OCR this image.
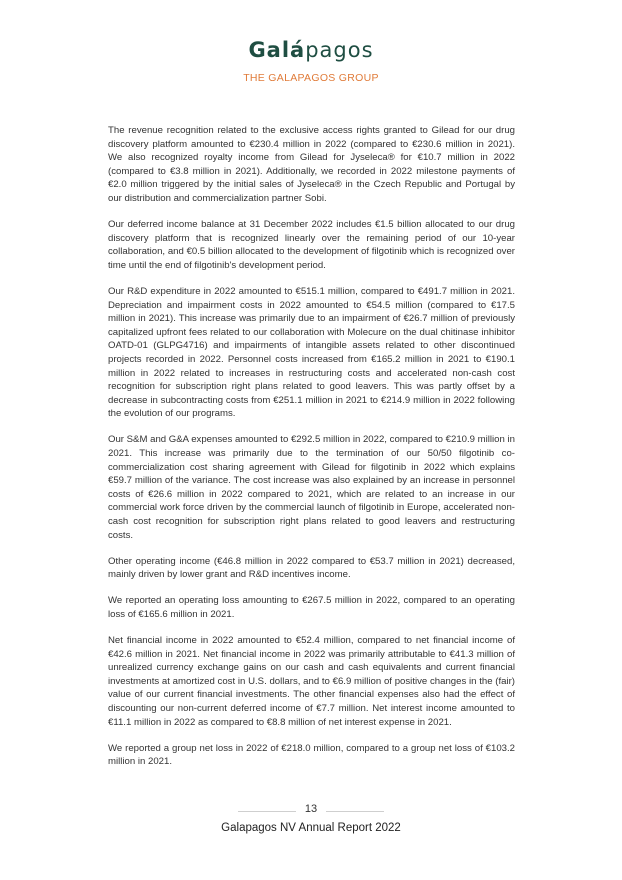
Galápagos
THE GALAPAGOS GROUP

The revenue recognition related to the exclusive access rights granted to Gilead for our drug discovery platform amounted to €230.4 million in 2022 (compared to €230.6 million in 2021). We also recognized royalty income from Gilead for Jyseleca® for €10.7 million in 2022 (compared to €3.8 million in 2021). Additionally, we recorded in 2022 milestone payments of €2.0 million triggered by the initial sales of Jyseleca® in the Czech Republic and Portugal by our distribution and commercialization partner Sobi.

Our deferred income balance at 31 December 2022 includes €1.5 billion allocated to our drug discovery platform that is recognized linearly over the remaining period of our 10-year collaboration, and €0.5 billion allocated to the development of filgotinib which is recognized over time until the end of filgotinib's development period.

Our R&D expenditure in 2022 amounted to €515.1 million, compared to €491.7 million in 2021. Depreciation and impairment costs in 2022 amounted to €54.5 million (compared to €17.5 million in 2021). This increase was primarily due to an impairment of €26.7 million of previously capitalized upfront fees related to our collaboration with Molecure on the dual chitinase inhibitor OATD-01 (GLPG4716) and impairments of intangible assets related to other discontinued projects recorded in 2022. Personnel costs increased from €165.2 million in 2021 to €190.1 million in 2022 related to increases in restructuring costs and accelerated non-cash cost recognition for subscription right plans related to good leavers. This was partly offset by a decrease in subcontracting costs from €251.1 million in 2021 to €214.9 million in 2022 following the evolution of our programs.

Our S&M and G&A expenses amounted to €292.5 million in 2022, compared to €210.9 million in 2021. This increase was primarily due to the termination of our 50/50 filgotinib co-commercialization cost sharing agreement with Gilead for filgotinib in 2022 which explains €59.7 million of the variance. The cost increase was also explained by an increase in personnel costs of €26.6 million in 2022 compared to 2021, which are related to an increase in our commercial work force driven by the commercial launch of filgotinib in Europe, accelerated non-cash cost recognition for subscription right plans related to good leavers and restructuring costs.

Other operating income (€46.8 million in 2022 compared to €53.7 million in 2021) decreased, mainly driven by lower grant and R&D incentives income.

We reported an operating loss amounting to €267.5 million in 2022, compared to an operating loss of €165.6 million in 2021.

Net financial income in 2022 amounted to €52.4 million, compared to net financial income of €42.6 million in 2021. Net financial income in 2022 was primarily attributable to €41.3 million of unrealized currency exchange gains on our cash and cash equivalents and current financial investments at amortized cost in U.S. dollars, and to €6.9 million of positive changes in the (fair) value of our current financial investments. The other financial expenses also had the effect of discounting our non-current deferred income of €7.7 million. Net interest income amounted to €11.1 million in 2022 as compared to €8.8 million of net interest expense in 2021.

We reported a group net loss in 2022 of €218.0 million, compared to a group net loss of €103.2 million in 2021.

13
Galapagos NV Annual Report 2022
